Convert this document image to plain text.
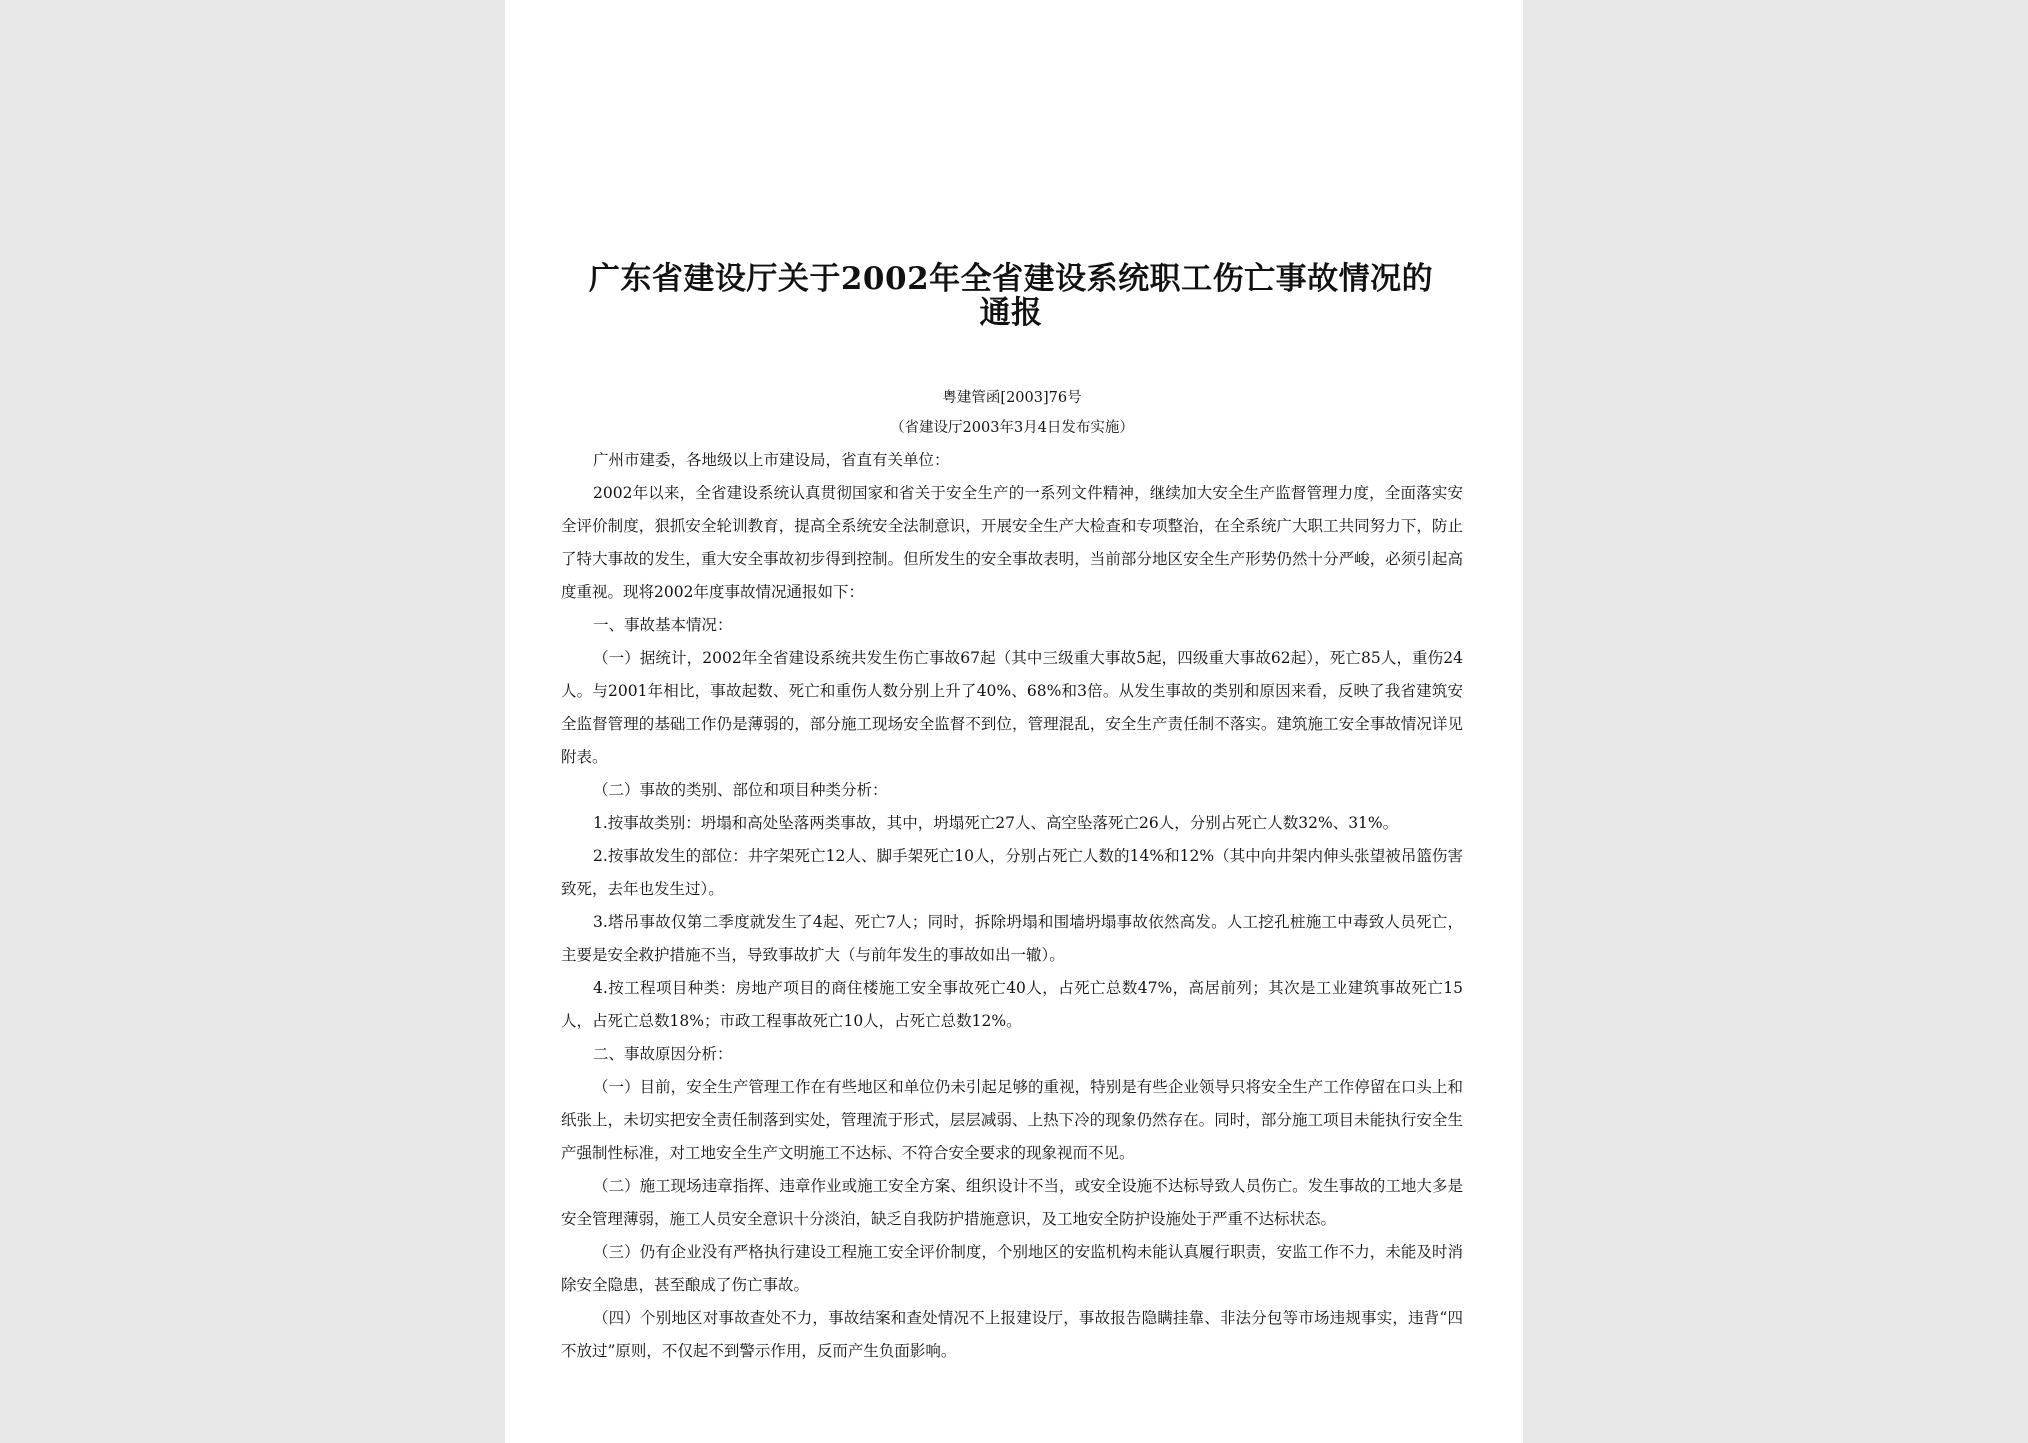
广东省建设厅关于2002年全省建设系统职工伤亡事故情况的通报
粤建管函[2003]76号
（省建设厅2003年3月4日发布实施）

广州市建委，各地级以上市建设局，省直有关单位：

2002年以来，全省建设系统认真贯彻国家和省关于安全生产的一系列文件精神，继续加大安全生产监督管理力度，全面落实安全评价制度，狠抓安全轮训教育，提高全系统安全法制意识，开展安全生产大检查和专项整治，在全系统广大职工共同努力下，防止了特大事故的发生，重大安全事故初步得到控制。但所发生的安全事故表明，当前部分地区安全生产形势仍然十分严峻，必须引起高度重视。现将2002年度事故情况通报如下：

一、事故基本情况：

（一）据统计，2002年全省建设系统共发生伤亡事故67起（其中三级重大事故5起，四级重大事故62起），死亡85人，重伤24人。与2001年相比，事故起数、死亡和重伤人数分别上升了40%、68%和3倍。从发生事故的类别和原因来看，反映了我省建筑安全监督管理的基础工作仍是薄弱的，部分施工现场安全监督不到位，管理混乱，安全生产责任制不落实。建筑施工安全事故情况详见附表。

（二）事故的类别、部位和项目种类分析：

1.按事故类别：坍塌和高处坠落两类事故，其中，坍塌死亡27人、高空坠落死亡26人，分别占死亡人数32%、31%。

2.按事故发生的部位：井字架死亡12人、脚手架死亡10人，分别占死亡人数的14%和12%（其中向井架内伸头张望被吊篮伤害致死，去年也发生过）。

3.塔吊事故仅第二季度就发生了4起、死亡7人；同时，拆除坍塌和围墙坍塌事故依然高发。人工挖孔桩施工中毒致人员死亡，主要是安全救护措施不当，导致事故扩大（与前年发生的事故如出一辙）。

4.按工程项目种类：房地产项目的商住楼施工安全事故死亡40人，占死亡总数47%，高居前列；其次是工业建筑事故死亡15人，占死亡总数18%；市政工程事故死亡10人，占死亡总数12%。

二、事故原因分析：

（一）目前，安全生产管理工作在有些地区和单位仍未引起足够的重视，特别是有些企业领导只将安全生产工作停留在口头上和纸张上，未切实把安全责任制落到实处，管理流于形式，层层减弱、上热下冷的现象仍然存在。同时，部分施工项目未能执行安全生产强制性标准，对工地安全生产文明施工不达标、不符合安全要求的现象视而不见。

（二）施工现场违章指挥、违章作业或施工安全方案、组织设计不当，或安全设施不达标导致人员伤亡。发生事故的工地大多是安全管理薄弱，施工人员安全意识十分淡泊，缺乏自我防护措施意识，及工地安全防护设施处于严重不达标状态。

（三）仍有企业没有严格执行建设工程施工安全评价制度，个别地区的安监机构未能认真履行职责，安监工作不力，未能及时消除安全隐患，甚至酿成了伤亡事故。

（四）个别地区对事故查处不力，事故结案和查处情况不上报建设厅，事故报告隐瞒挂靠、非法分包等市场违规事实，违背“四不放过”原则，不仅起不到警示作用，反而产生负面影响。
